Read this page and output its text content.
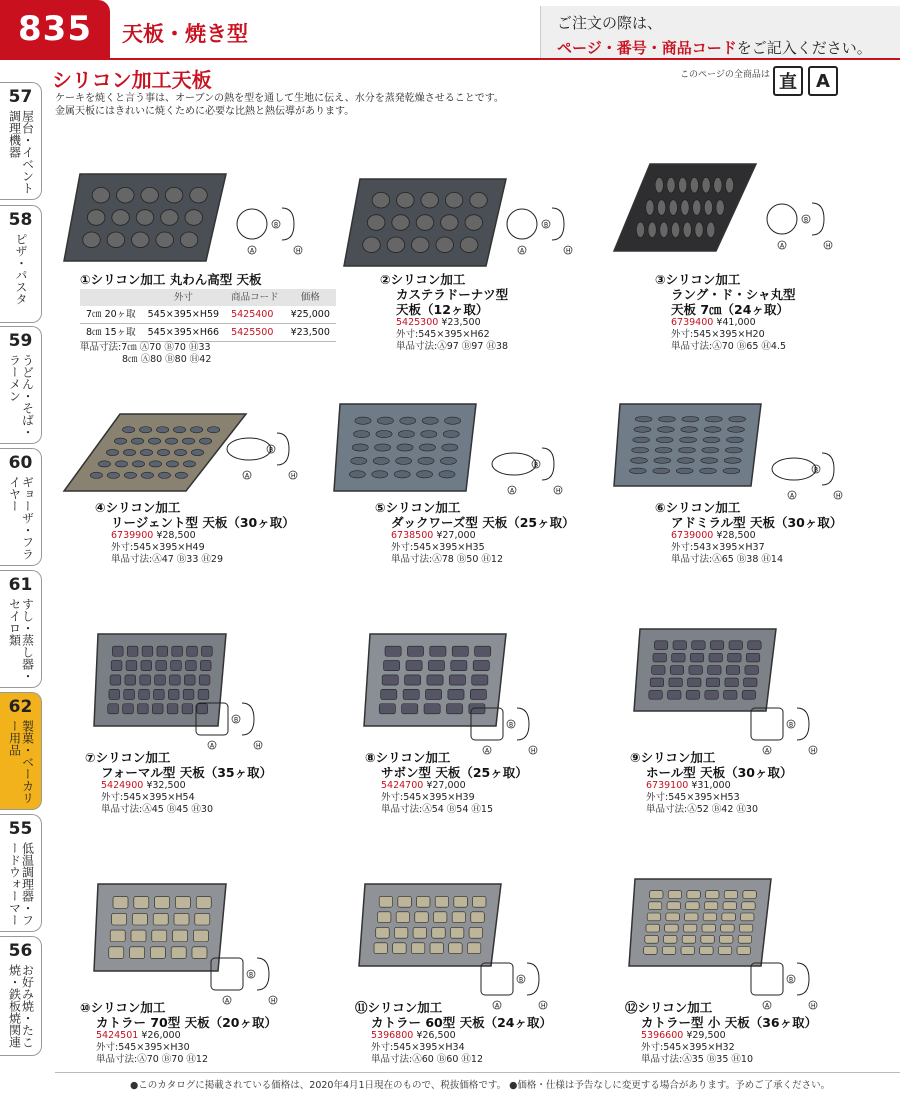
835	天板・焼き型	ご注文の際は、
ページ・番号・商品コードをご記入ください。
57
屋台・イベント調理機器
58
ピザ・パスタ
59
うどん・そば・ラーメン
60
ギョーザ・フライヤー
61
すし・蒸し器・セイロ類
62
製菓・ベーカリー用品
55
低温調理器・フードウォーマー
56
お好み焼・たこ焼・鉄板焼関連
シリコン加工天板
ケーキを焼くと言う事は、オーブンの熱を型を通して生地に伝え、水分を蒸発乾燥させることです。
金属天板にはきれいに焼くために必要な比熱と熱伝導があります。
このページの全商品は 直	A
A
B
H
①シリコン加工 丸わん高型 天板
	外寸	商品コード	価格
7㎝ 20ヶ取	545×395×H59	5425400	¥25,000
8㎝ 15ヶ取	545×395×H66	5425500	¥23,500
単品寸法:7㎝ Ⓐ70 Ⓑ70 Ⓗ33
8㎝ Ⓐ80 Ⓑ80 Ⓗ42
A
B
H
②シリコン加工
カステラドーナツ型
天板（12ヶ取）
5425300 ¥23,500
外寸:545×395×H62
単品寸法:Ⓐ97 Ⓑ97 Ⓗ38
A
B
H
③シリコン加工
ラング・ド・シャ丸型
天板 7㎝（24ヶ取）
6739400 ¥41,000
外寸:545×395×H20
単品寸法:Ⓐ70 Ⓑ65 Ⓗ4.5
A
B
H
④シリコン加工
リージェント型 天板（30ヶ取）
6739900 ¥28,500
外寸:545×395×H49
単品寸法:Ⓐ47 Ⓑ33 Ⓗ29
A
B
H
⑤シリコン加工
ダックワーズ型 天板（25ヶ取）
6738500 ¥27,000
外寸:545×395×H35
単品寸法:Ⓐ78 Ⓑ50 Ⓗ12
A
B
H
⑥シリコン加工
アドミラル型 天板（30ヶ取）
6739000 ¥28,500
外寸:543×395×H37
単品寸法:Ⓐ65 Ⓑ38 Ⓗ14
A
B
H
⑦シリコン加工
フォーマル型 天板（35ヶ取）
5424900 ¥32,500
外寸:545×395×H54
単品寸法:Ⓐ45 Ⓑ45 Ⓗ30
A
B
H
⑧シリコン加工
サボン型 天板（25ヶ取）
5424700 ¥27,000
外寸:545×395×H39
単品寸法:Ⓐ54 Ⓑ54 Ⓗ15
A
B
H
⑨シリコン加工
ホール型 天板（30ヶ取）
6739100 ¥31,000
外寸:545×395×H53
単品寸法:Ⓐ52 Ⓑ42 Ⓗ30
A
B
H
⑩シリコン加工
カトラー 70型 天板（20ヶ取）
5424501 ¥26,000
外寸:545×395×H30
単品寸法:Ⓐ70 Ⓑ70 Ⓗ12
A
B
H
⑪シリコン加工
カトラー 60型 天板（24ヶ取）
5396800 ¥26,500
外寸:545×395×H34
単品寸法:Ⓐ60 Ⓑ60 Ⓗ12
A
B
H
⑫シリコン加工
カトラー型 小 天板（36ヶ取）
5396600 ¥29,500
外寸:545×395×H32
単品寸法:Ⓐ35 Ⓑ35 Ⓗ10
●このカタログに掲載されている価格は、2020年4月1日現在のもので、税抜価格です。 ●価格・仕様は予告なしに変更する場合があります。予めご了承ください。
